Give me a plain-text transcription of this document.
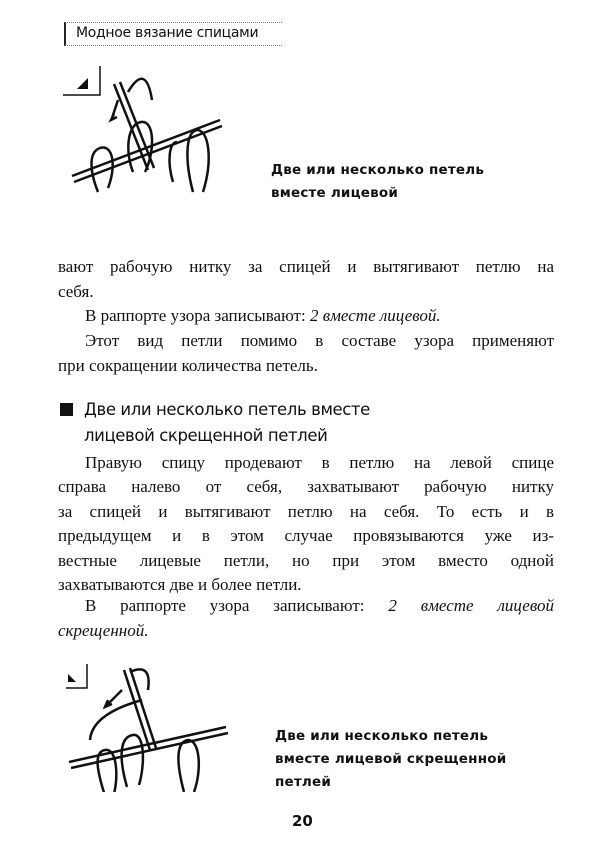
Модное вязание спицами
Две или несколько петель
вместе лицевой
вают рабочую нитку за спицей и вытягивают петлю на
себя.
В раппорте узора записывают: 2 вместе лицевой.
Этот вид петли помимо в составе узора применяют
при сокращении количества петель.
Две или несколько петель вместе
лицевой скрещенной петлей
Правую спицу продевают в петлю на левой спице
справа налево от себя, захватывают рабочую нитку
за спицей и вытягивают петлю на себя. То есть и в
предыдущем и в этом случае провязываются уже из-
вестные лицевые петли, но при этом вместо одной
захватываются две и более петли.
В раппорте узора записывают: 2 вместе лицевой
скрещенной.
Две или несколько петель
вместе лицевой скрещенной
петлей
20
